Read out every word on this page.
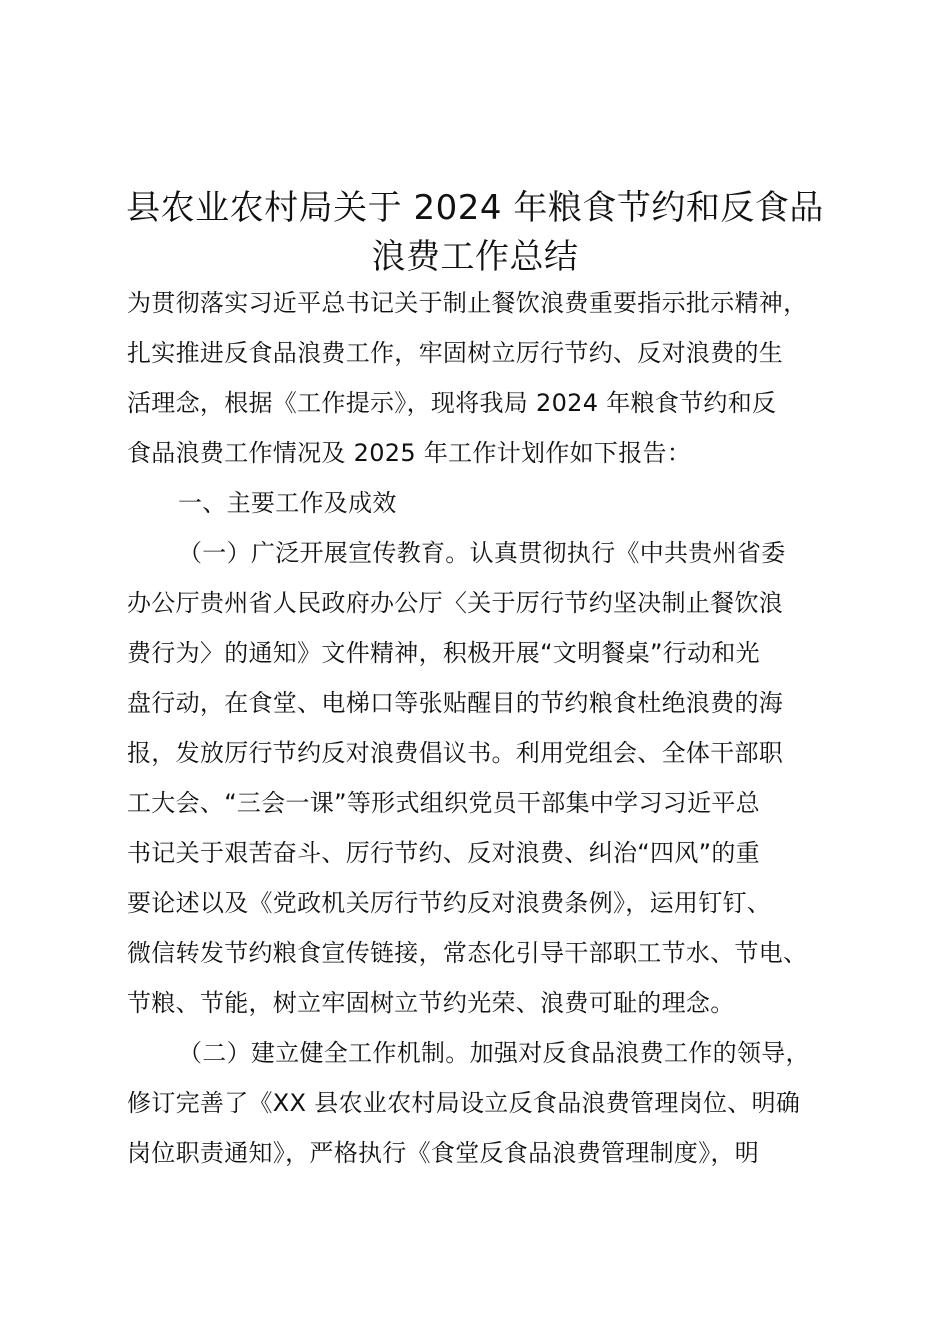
县农业农村局关于 2024 年粮食节约和反食品
浪费工作总结
为贯彻落实习近平总书记关于制止餐饮浪费重要指示批示精神，
扎实推进反食品浪费工作，牢固树立厉行节约、反对浪费的生
活理念，根据《工作提示》，现将我局 2024 年粮食节约和反
食品浪费工作情况及 2025 年工作计划作如下报告：
一、主要工作及成效
（一）广泛开展宣传教育。认真贯彻执行《中共贵州省委
办公厅贵州省人民政府办公厅〈关于厉行节约坚决制止餐饮浪
费行为〉的通知》文件精神，积极开展“文明餐桌”行动和光
盘行动，在食堂、电梯口等张贴醒目的节约粮食杜绝浪费的海
报，发放厉行节约反对浪费倡议书。利用党组会、全体干部职
工大会、“三会一课”等形式组织党员干部集中学习习近平总
书记关于艰苦奋斗、厉行节约、反对浪费、纠治“四风”的重
要论述以及《党政机关厉行节约反对浪费条例》，运用钉钉、
微信转发节约粮食宣传链接，常态化引导干部职工节水、节电、
节粮、节能，树立牢固树立节约光荣、浪费可耻的理念。
（二）建立健全工作机制。加强对反食品浪费工作的领导，
修订完善了《XX 县农业农村局设立反食品浪费管理岗位、明确
岗位职责通知》，严格执行《食堂反食品浪费管理制度》，明
